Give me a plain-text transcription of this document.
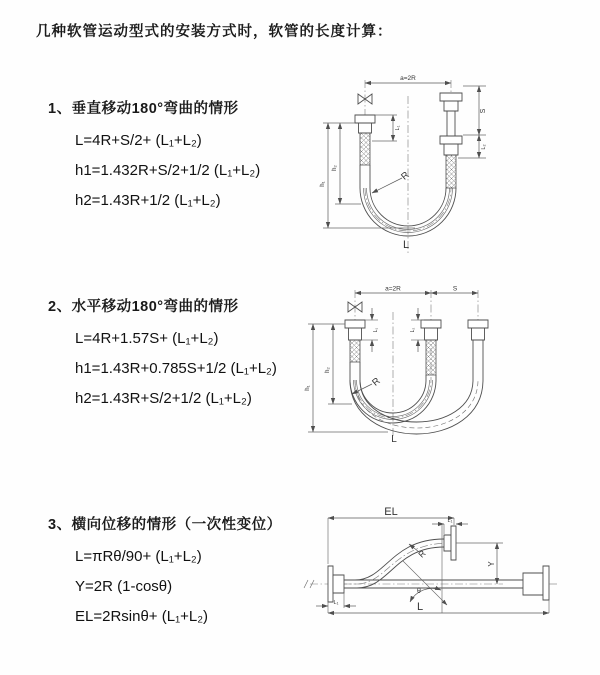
几种软管运动型式的安装方式时，软管的长度计算：
1、垂直移动180°弯曲的情形
L=4R+S/2+ (L₁+L₂)
h1=1.432R+S/2+1/2 (L₁+L₂)
h2=1.43R+1/2 (L₁+L₂)
2、水平移动180°弯曲的情形
L=4R+1.57S+ (L₁+L₂)
h1=1.43R+0.785S+1/2 (L₁+L₂)
h2=1.43R+S/2+1/2 (L₁+L₂)
3、横向位移的情形（一次性变位）
L=πRθ/90+ (L₁+L₂)
Y=2R (1-cosθ)
EL=2Rsinθ+ (L₁+L₂)
a=2R
S
L₂
L₁
h₁
h₂
R
L
a=2R	S
L₁	L₂
h₁
h₂
R
L
EL
L₁
Y
R
θ
L
L₁
